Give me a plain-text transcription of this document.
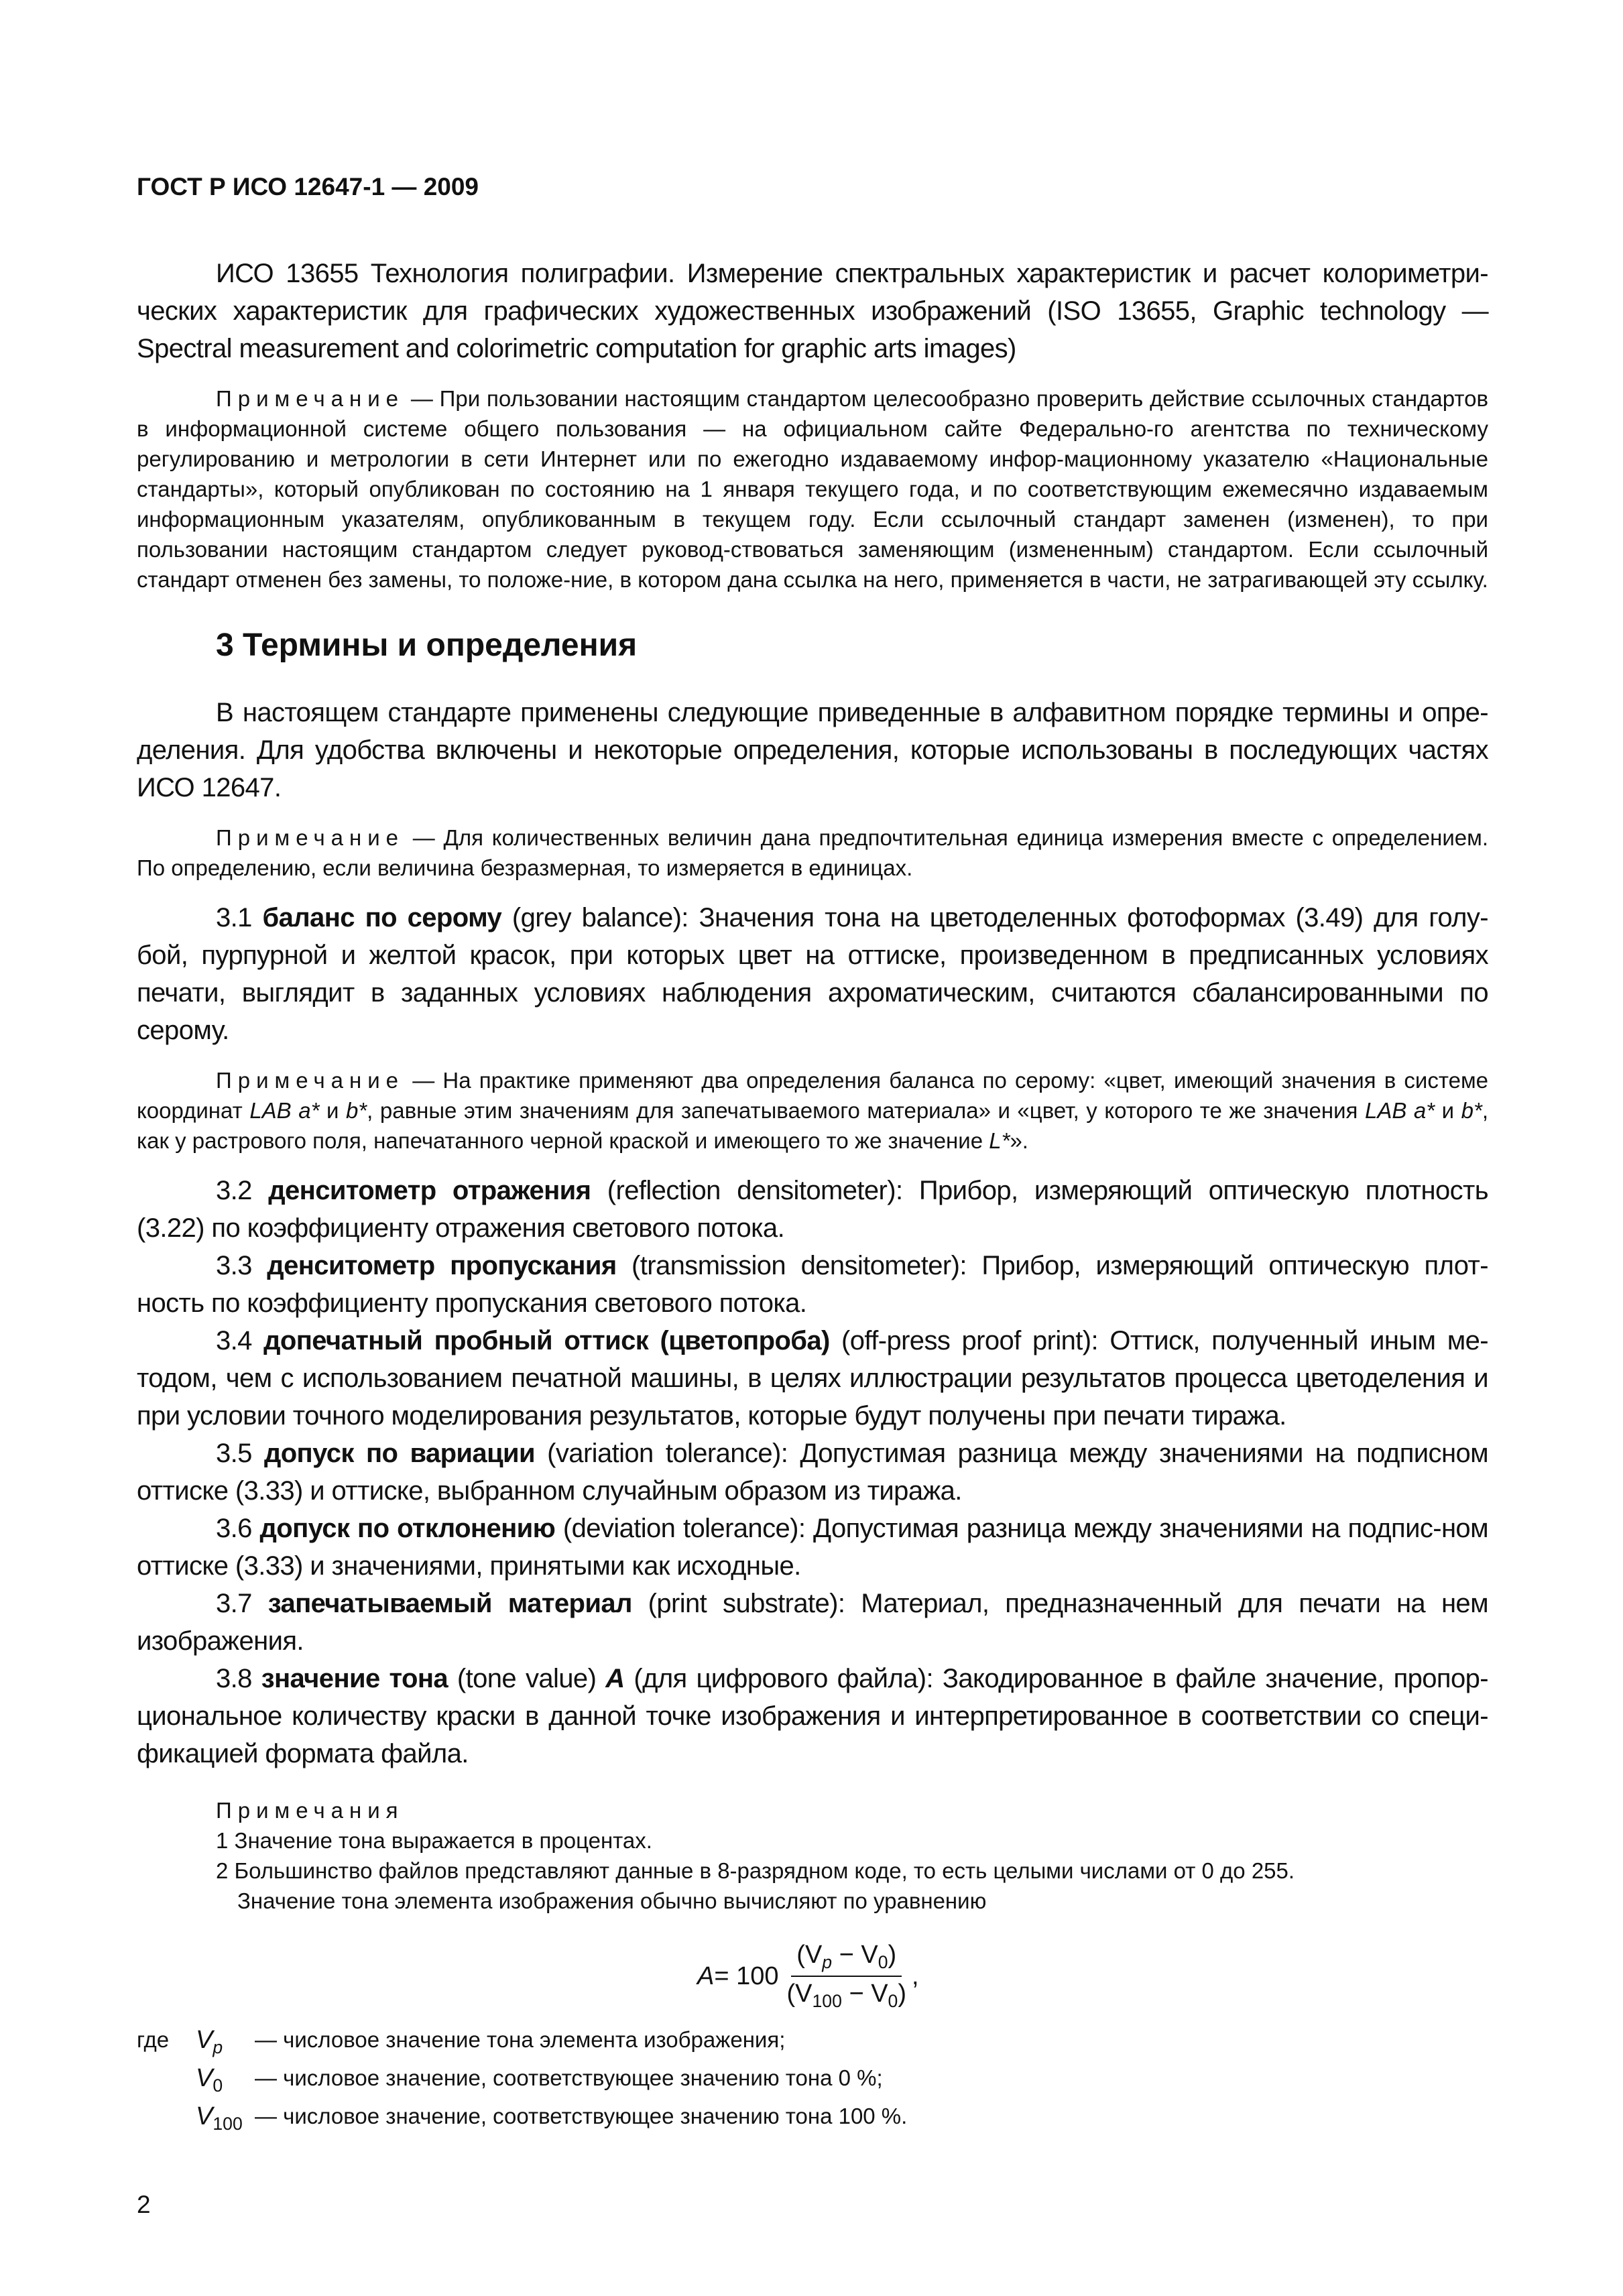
ГОСТ Р ИСО 12647-1 — 2009

ИСО 13655 Технология полиграфии. Измерение спектральных характеристик и расчет колориметри-ческих характеристик для графических художественных изображений (ISO 13655, Graphic technology — Spectral measurement and colorimetric computation for graphic arts images)

Примечание — При пользовании настоящим стандартом целесообразно проверить действие ссылочных стандартов в информационной системе общего пользования — на официальном сайте Федерально-го агентства по техническому регулированию и метрологии в сети Интернет или по ежегодно издаваемому инфор-мационному указателю «Национальные стандарты», который опубликован по состоянию на 1 января текущего года, и по соответствующим ежемесячно издаваемым информационным указателям, опубликованным в текущем году. Если ссылочный стандарт заменен (изменен), то при пользовании настоящим стандартом следует руковод-ствоваться заменяющим (измененным) стандартом. Если ссылочный стандарт отменен без замены, то положе-ние, в котором дана ссылка на него, применяется в части, не затрагивающей эту ссылку.

3 Термины и определения

В настоящем стандарте применены следующие приведенные в алфавитном порядке термины и опре-деления. Для удобства включены и некоторые определения, которые использованы в последующих частях ИСО 12647.

Примечание — Для количественных величин дана предпочтительная единица измерения вместе с определением. По определению, если величина безразмерная, то измеряется в единицах.

3.1 баланс по серому (grey balance): Значения тона на цветоделенных фотоформах (3.49) для голу-бой, пурпурной и желтой красок, при которых цвет на оттиске, произведенном в предписанных условиях печати, выглядит в заданных условиях наблюдения ахроматическим, считаются сбалансированными по серому.

Примечание — На практике применяют два определения баланса по серому: «цвет, имеющий значения в системе координат LAB a* и b*, равные этим значениям для запечатываемого материала» и «цвет, у которого те же значения LAB a* и b*, как у растрового поля, напечатанного черной краской и имеющего то же значение L*».

3.2 денситометр отражения (reflection densitometer): Прибор, измеряющий оптическую плотность (3.22) по коэффициенту отражения светового потока.

3.3 денситометр пропускания (transmission densitometer): Прибор, измеряющий оптическую плот-ность по коэффициенту пропускания светового потока.

3.4 допечатный пробный оттиск (цветопроба) (off-press proof print): Оттиск, полученный иным ме-тодом, чем с использованием печатной машины, в целях иллюстрации результатов процесса цветоделения и при условии точного моделирования результатов, которые будут получены при печати тиража.

3.5 допуск по вариации (variation tolerance): Допустимая разница между значениями на подписном оттиске (3.33) и оттиске, выбранном случайным образом из тиража.

3.6 допуск по отклонению (deviation tolerance): Допустимая разница между значениями на подпис-ном оттиске (3.33) и значениями, принятыми как исходные.

3.7 запечатываемый материал (print substrate): Материал, предназначенный для печати на нем изображения.

3.8 значение тона (tone value) A (для цифрового файла): Закодированное в файле значение, пропор-циональное количеству краски в данной точке изображения и интерпретированное в соответствии со специ-фикацией формата файла.

Примечания
1 Значение тона выражается в процентах.
2 Большинство файлов представляют данные в 8-разрядном коде, то есть целыми числами от 0 до 255.
Значение тона элемента изображения обычно вычисляют по уравнению
$A = 100 \frac{(V_p - V_0)}{(V_{100} - V_0)}$ ,
где	$V_p$	— числовое значение тона элемента изображения;
$V_0$	— числовое значение, соответствующее значению тона 0 %;
$V_{100}$ — числовое значение, соответствующее значению тона 100 %.
2
